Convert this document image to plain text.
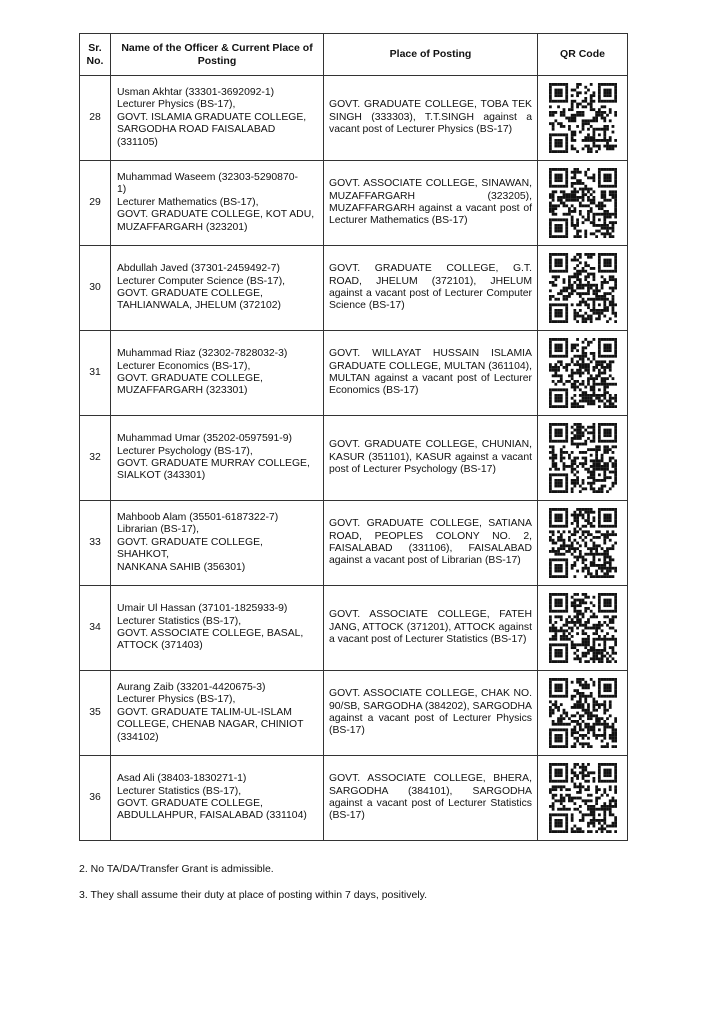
Sr.
No.	Name of the Officer & Current Place of Posting	Place of Posting	QR Code
28	Usman Akhtar (33301-3692092-1)
Lecturer Physics (BS-17),
GOVT. ISLAMIA GRADUATE COLLEGE,
SARGODHA ROAD FAISALABAD
(331105)	GOVT. GRADUATE COLLEGE, TOBA TEK SINGH (333303), T.T.SINGH against a vacant post of Lecturer Physics (BS-17)	

29	Muhammad Waseem (32303-5290870-
1)
Lecturer Mathematics (BS-17),
GOVT. GRADUATE COLLEGE, KOT ADU,
MUZAFFARGARH (323201)	GOVT. ASSOCIATE COLLEGE, SINAWAN, MUZAFFARGARH (323205), MUZAFFARGARH against a vacant post of Lecturer Mathematics (BS-17)	

30	Abdullah Javed (37301-2459492-7)
Lecturer Computer Science (BS-17),
GOVT. GRADUATE COLLEGE,
TAHLIANWALA, JHELUM (372102)	GOVT. GRADUATE COLLEGE, G.T. ROAD, JHELUM (372101), JHELUM against a vacant post of Lecturer Computer Science (BS-17)	

31	Muhammad Riaz (32302-7828032-3)
Lecturer Economics (BS-17),
GOVT. GRADUATE COLLEGE,
MUZAFFARGARH (323301)	GOVT. WILLAYAT HUSSAIN ISLAMIA GRADUATE COLLEGE, MULTAN (361104), MULTAN against a vacant post of Lecturer Economics (BS-17)	

32	Muhammad Umar (35202-0597591-9)
Lecturer Psychology (BS-17),
GOVT. GRADUATE MURRAY COLLEGE,
SIALKOT (343301)	GOVT. GRADUATE COLLEGE, CHUNIAN, KASUR (351101), KASUR against a vacant post of Lecturer Psychology (BS-17)	

33	Mahboob Alam (35501-6187322-7)
Librarian (BS-17),
GOVT. GRADUATE COLLEGE, SHAHKOT,
NANKANA SAHIB (356301)	GOVT. GRADUATE COLLEGE, SATIANA ROAD, PEOPLES COLONY NO. 2, FAISALABAD (331106), FAISALABAD against a vacant post of Librarian (BS-17)	

34	Umair Ul Hassan (37101-1825933-9)
Lecturer Statistics (BS-17),
GOVT. ASSOCIATE COLLEGE, BASAL,
ATTOCK (371403)	GOVT. ASSOCIATE COLLEGE, FATEH JANG, ATTOCK (371201), ATTOCK against a vacant post of Lecturer Statistics (BS-17)	

35	Aurang Zaib (33201-4420675-3)
Lecturer Physics (BS-17),
GOVT. GRADUATE TALIM-UL-ISLAM
COLLEGE, CHENAB NAGAR, CHINIOT
(334102)	GOVT. ASSOCIATE COLLEGE, CHAK NO. 90/SB, SARGODHA (384202), SARGODHA against a vacant post of Lecturer Physics (BS-17)	

36	Asad Ali (38403-1830271-1)
Lecturer Statistics (BS-17),
GOVT. GRADUATE COLLEGE,
ABDULLAHPUR, FAISALABAD (331104)	GOVT. ASSOCIATE COLLEGE, BHERA, SARGODHA (384101), SARGODHA against a vacant post of Lecturer Statistics (BS-17)	
2. No TA/DA/Transfer Grant is admissible.
3. They shall assume their duty at place of posting within 7 days, positively.
